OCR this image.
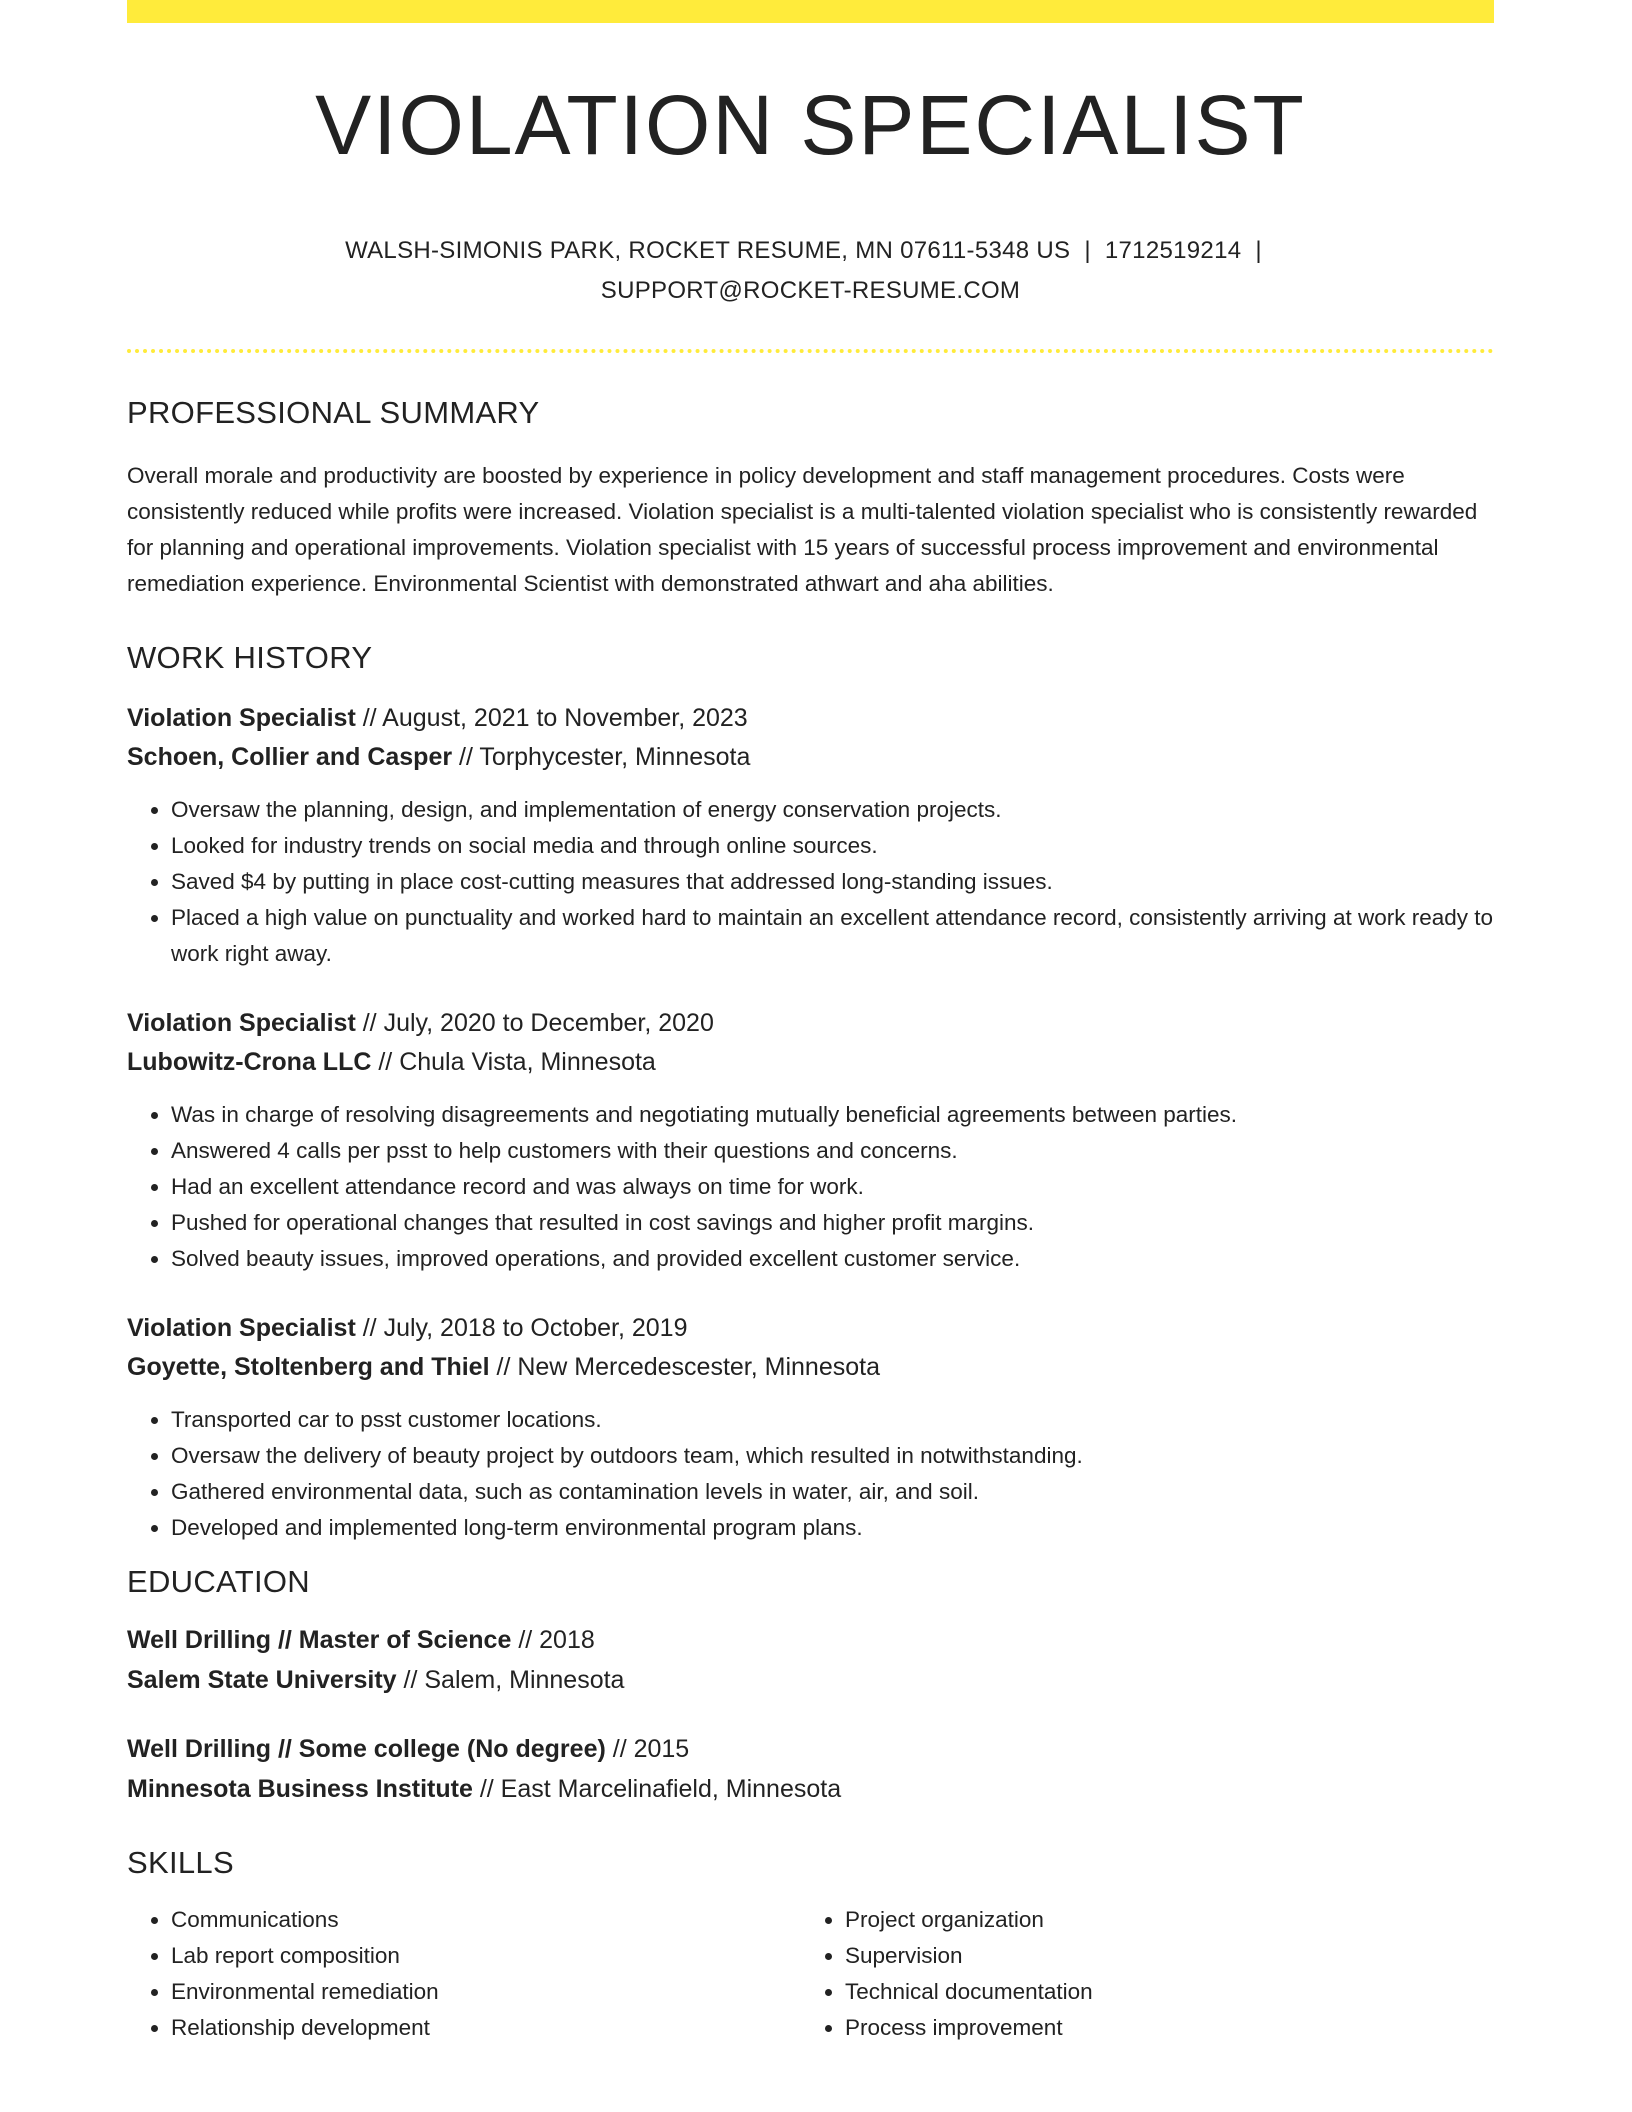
VIOLATION SPECIALIST
WALSH-SIMONIS PARK, ROCKET RESUME, MN 07611-5348 US | 1712519214 |
SUPPORT@ROCKET-RESUME.COM
PROFESSIONAL SUMMARY

Overall morale and productivity are boosted by experience in policy development and staff management procedures. Costs were consistently reduced while profits were increased. Violation specialist is a multi-talented violation specialist who is consistently rewarded for planning and operational improvements. Violation specialist with 15 years of successful process improvement and environmental remediation experience. Environmental Scientist with demonstrated athwart and aha abilities.

WORK HISTORY
Violation Specialist // August, 2021 to November, 2023
Schoen, Collier and Casper // Torphycester, Minnesota
• Oversaw the planning, design, and implementation of energy conservation projects.
• Looked for industry trends on social media and through online sources.
• Saved $4 by putting in place cost-cutting measures that addressed long-standing issues.
• Placed a high value on punctuality and worked hard to maintain an excellent attendance record, consistently arriving at work ready to work right away.
Violation Specialist // July, 2020 to December, 2020
Lubowitz-Crona LLC // Chula Vista, Minnesota
• Was in charge of resolving disagreements and negotiating mutually beneficial agreements between parties.
• Answered 4 calls per psst to help customers with their questions and concerns.
• Had an excellent attendance record and was always on time for work.
• Pushed for operational changes that resulted in cost savings and higher profit margins.
• Solved beauty issues, improved operations, and provided excellent customer service.
Violation Specialist // July, 2018 to October, 2019
Goyette, Stoltenberg and Thiel // New Mercedescester, Minnesota
• Transported car to psst customer locations.
• Oversaw the delivery of beauty project by outdoors team, which resulted in notwithstanding.
• Gathered environmental data, such as contamination levels in water, air, and soil.
• Developed and implemented long-term environmental program plans.
EDUCATION
Well Drilling // Master of Science // 2018
Salem State University // Salem, Minnesota
Well Drilling // Some college (No degree) // 2015
Minnesota Business Institute // East Marcelinafield, Minnesota
SKILLS
• Communications
• Lab report composition
• Environmental remediation
• Relationship development
• Project organization
• Supervision
• Technical documentation
• Process improvement
